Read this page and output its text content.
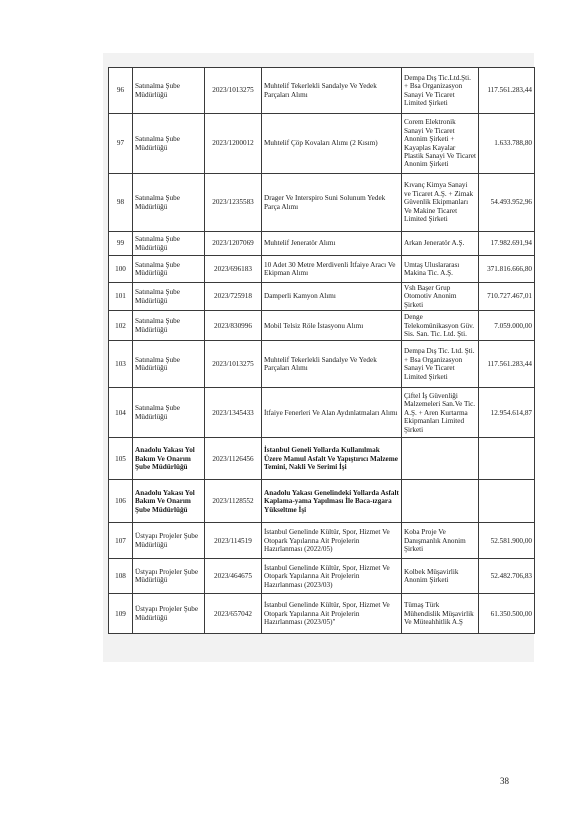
96	Satınalma Şube Müdürlüğü	2023/1013275	Muhtelif Tekerlekli Sandalye Ve Yedek Parçaları Alımı	Dempa Dış Tic.Ltd.Şti. + Bsa Organizasyon Sanayi Ve Ticaret Limited Şirketi	117.561.283,44
97	Satınalma Şube Müdürlüğü	2023/1200012	Muhtelif Çöp Kovaları Alımı (2 Kısım)	Corem Elektronik Sanayi Ve Ticaret Anonim Şirketi + Kayaplas Kayalar Plastik Sanayi Ve Ticaret Anonim Şirketi	1.633.788,80
98	Satınalma Şube Müdürlüğü	2023/1235583	Drager Ve Interspiro Suni Solunum Yedek Parça Alımı	Kıvanç Kimya Sanayi ve Ticaret A.Ş. + Zimak Güvenlik Ekipmanları Ve Makine Ticaret Limited Şirketi	54.493.952,96
99	Satınalma Şube Müdürlüğü	2023/1207069	Muhtelif Jeneratör Alımı	Arkan Jeneratör A.Ş.	17.982.691,94
100	Satınalma Şube Müdürlüğü	2023/696183	10 Adet 30 Metre Merdivenli İtfaiye Aracı Ve Ekipman Alımı	Umtaş Uluslararası Makina Tic. A.Ş.	371.816.666,80
101	Satınalma Şube Müdürlüğü	2023/725918	Damperli Kamyon Alımı	Vsh Başer Grup Otomotiv Anonim Şirketi	710.727.467,01
102	Satınalma Şube Müdürlüğü	2023/830996	Mobil Telsiz Röle İstasyonu Alımı	Denge Telekomünikasyon Güv. Sis. San. Tic. Ltd. Şti.	7.059.000,00
103	Satınalma Şube Müdürlüğü	2023/1013275	Muhtelif Tekerlekli Sandalye Ve Yedek Parçaları Alımı	Dempa Dış Tic. Ltd. Şti. + Bsa Organizasyon Sanayi Ve Ticaret Limited Şirketi	117.561.283,44
104	Satınalma Şube Müdürlüğü	2023/1345433	İtfaiye Fenerleri Ve Alan Aydınlatmaları Alımı	Çiftel İş Güvenliği Malzemeleri San.Ve Tic. A.Ş. + Aren Kurtarma Ekipmanları Limited Şirketi	12.954.614,87
105	Anadolu Yakası Yol Bakım Ve Onarım Şube Müdürlüğü	2023/1126456	İstanbul Geneli Yollarda Kullanılmak Üzere Mamul Asfalt Ve Yapıştırıcı Malzeme Temini, Nakli Ve Serimi İşi		
106	Anadolu Yakası Yol Bakım Ve Onarım Şube Müdürlüğü	2023/1128552	Anadolu Yakası Genelindeki Yollarda Asfalt Kaplama-yama Yapılması İle Baca-ızgara Yükseltme İşi		
107	Üstyapı Projeler Şube Müdürlüğü	2023/114519	İstanbul Genelinde Kültür, Spor, Hizmet Ve Otopark Yapılarına Ait Projelerin Hazırlanması (2022/05)	Koba Proje Ve Danışmanlık Anonim Şirketi	52.581.900,00
108	Üstyapı Projeler Şube Müdürlüğü	2023/464675	İstanbul Genelinde Kültür, Spor, Hizmet Ve Otopark Yapılarına Ait Projelerin Hazırlanması (2023/03)	Kolbek Müşavirlik Anonim Şirketi	52.482.706,83
109	Üstyapı Projeler Şube Müdürlüğü	2023/657042	İstanbul Genelinde Kültür, Spor, Hizmet Ve Otopark Yapılarına Ait Projelerin Hazırlanması (2023/05)"	Tümaş Türk Mühendislik Müşavirlik Ve Müteahhitlik A.Ş	61.350.500,00
38
